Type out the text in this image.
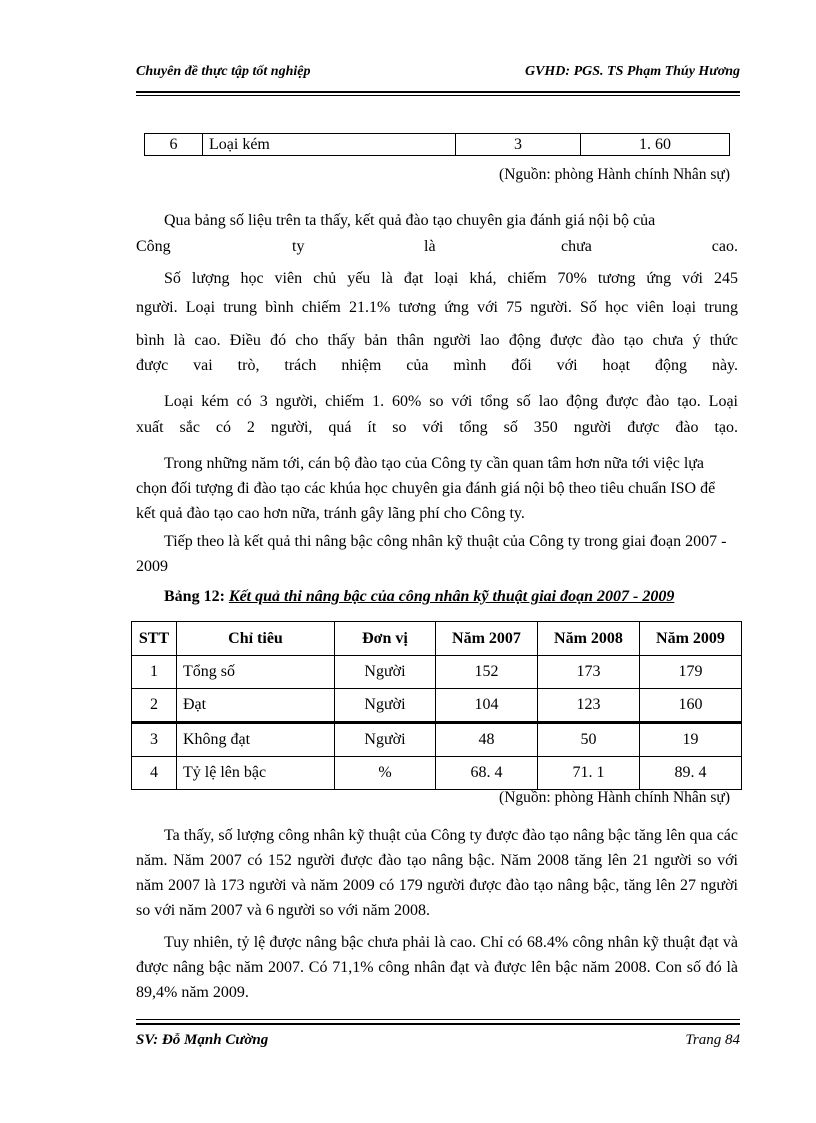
Chuyên đề thực tập tốt nghiệp	GVHD: PGS. TS Phạm Thúy Hương
6	Loại kém	3	1. 60
(Nguồn: phòng Hành chính Nhân sự)
Qua bảng số liệu trên ta thấy, kết quả đào tạo chuyên gia đánh giá nội bộ của
Công	ty	là	chưa	cao.
Số lượng học viên chủ yếu là đạt loại khá, chiếm 70% tương ứng với 245
người. Loại trung bình chiếm 21.1% tương ứng với 75 người. Số học viên loại trung
bình là cao. Điều đó cho thấy bản thân người lao động được đào tạo chưa ý thức
được vai trò, trách nhiệm của mình đối với hoạt động này.
Loại kém có 3 người, chiếm 1. 60% so với tổng số lao động được đào tạo. Loại
xuất sắc có 2 người, quá ít so với tổng số 350 người được đào tạo.
Trong những năm tới, cán bộ đào tạo của Công ty cần quan tâm hơn nữa tới việc lựa chọn đối tượng đi đào tạo các khúa học chuyên gia đánh giá nội bộ theo tiêu chuẩn ISO để kết quả đào tạo cao hơn nữa, tránh gây lãng phí cho Công ty.
Tiếp theo là kết quả thi nâng bậc công nhân kỹ thuật của Công ty trong giai đoạn 2007 - 2009
Bảng 12: Kết quả thi nâng bậc của công nhân kỹ thuật giai đoạn 2007 - 2009
STT	Chỉ tiêu	Đơn vị	Năm 2007	Năm 2008	Năm 2009
1	Tổng số	Người	152	173	179
2	Đạt	Người	104	123	160
3	Không đạt	Người	48	50	19
4	Tỷ lệ lên bậc	%	68. 4	71. 1	89. 4
(Nguồn: phòng Hành chính Nhân sự)
Ta thấy, số lượng công nhân kỹ thuật của Công ty được đào tạo nâng bậc tăng lên qua các năm. Năm 2007 có 152 người được đào tạo nâng bậc. Năm 2008 tăng lên 21 người so với năm 2007 là 173 người và năm 2009 có 179 người được đào tạo nâng bậc, tăng lên 27 người so với năm 2007 và 6 người so với năm 2008.
Tuy nhiên, tỷ lệ được nâng bậc chưa phải là cao. Chỉ có 68.4% công nhân kỹ thuật đạt và được nâng bậc năm 2007. Có 71,1% công nhân đạt và được lên bậc năm 2008. Con số đó là 89,4% năm 2009.
SV: Đỗ Mạnh Cường	Trang 84
